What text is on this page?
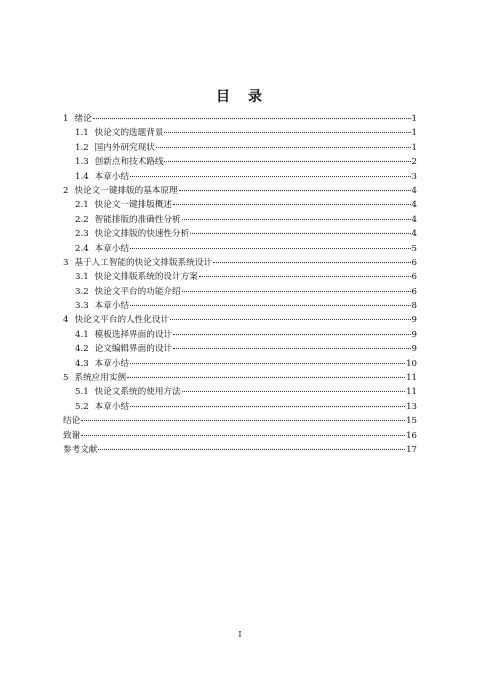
目　录
1 绪论	1
1.1 快论文的选题背景	1
1.2 国内外研究现状	1
1.3 创新点和技术路线	2
1.4 本章小结	3
2 快论文一键排版的基本原理	4
2.1 快论文一键排版概述	4
2.2 智能排版的准确性分析	4
2.3 快论文排版的快速性分析	4
2.4 本章小结	5
3 基于人工智能的快论文排版系统设计	6
3.1 快论文排版系统的设计方案	6
3.2 快论文平台的功能介绍	6
3.3 本章小结	8
4 快论文平台的人性化设计	9
4.1 模板选择界面的设计	9
4.2 论文编辑界面的设计	9
4.3 本章小结	10
5 系统应用实例	11
5.1 快论文系统的使用方法	11
5.2 本章小结	13
结论	15
致谢	16
参考文献	17
I
